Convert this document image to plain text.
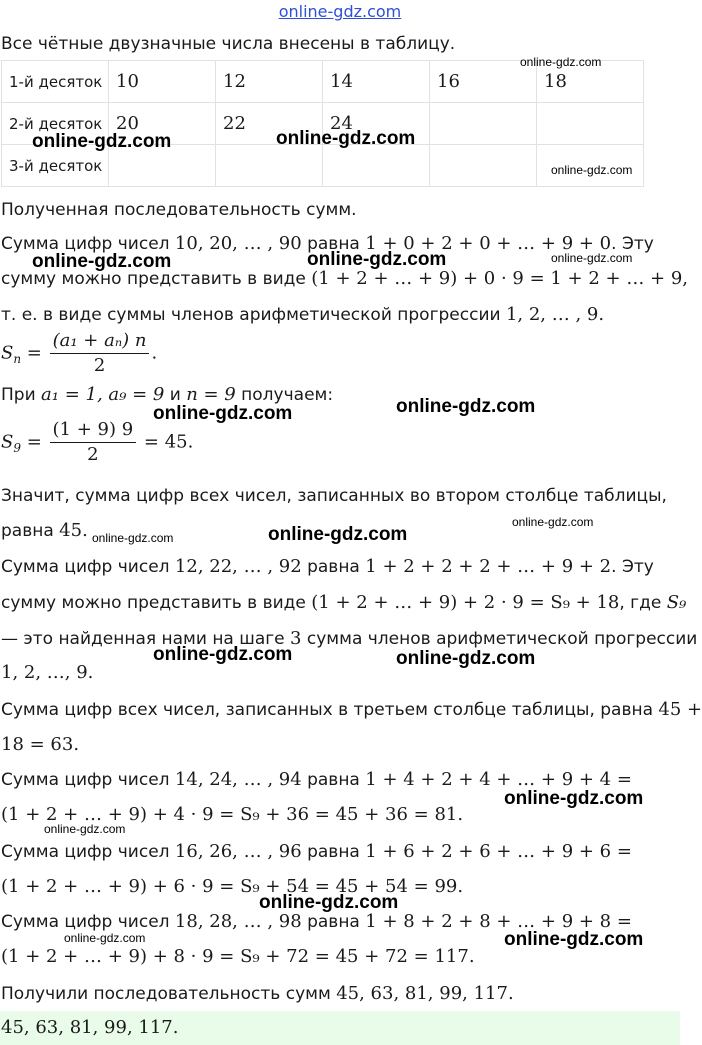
online-gdz.com
Все чётные двузначные числа внесены в таблицу.
1-й десяток	10	12	14	16	18
2-й десяток	20	22	24		
3-й десяток					
Полученная последовательность сумм.
Сумма цифр чисел 10, 20, … , 90 равна 1 + 0 + 2 + 0 + … + 9 + 0. Эту
сумму можно представить в виде (1 + 2 + … + 9) + 0 · 9 = 1 + 2 + … + 9,
т. е. в виде суммы членов арифметической прогрессии 1, 2, … , 9.
$S_n = \frac{\text{(a₁ + aₙ) n}}{2}$ .
При a₁ = 1, a₉ = 9 и n = 9 получаем:
$S_9 = \frac{(1 + 9) 9}{2} = 45$.
Значит, сумма цифр всех чисел, записанных во втором столбце таблицы,
равна 45.
Сумма цифр чисел 12, 22, … , 92 равна 1 + 2 + 2 + 2 + … + 9 + 2. Эту
сумму можно представить в виде (1 + 2 + … + 9) + 2 · 9 = S₉ + 18, где S₉
— это найденная нами на шаге 3 сумма членов арифметической прогрессии
1, 2, …, 9.
Сумма цифр всех чисел, записанных в третьем столбце таблицы, равна 45 +
18 = 63.
Сумма цифр чисел 14, 24, … , 94 равна 1 + 4 + 2 + 4 + … + 9 + 4 =
(1 + 2 + … + 9) + 4 · 9 = S₉ + 36 = 45 + 36 = 81.
Сумма цифр чисел 16, 26, … , 96 равна 1 + 6 + 2 + 6 + … + 9 + 6 =
(1 + 2 + … + 9) + 6 · 9 = S₉ + 54 = 45 + 54 = 99.
Сумма цифр чисел 18, 28, … , 98 равна 1 + 8 + 2 + 8 + … + 9 + 8 =
(1 + 2 + … + 9) + 8 · 9 = S₉ + 72 = 45 + 72 = 117.
Получили последовательность сумм 45, 63, 81, 99, 117.
45, 63, 81, 99, 117.
online-gdz.com
online-gdz.com	online-gdz.com
online-gdz.com
online-gdz.com	online-gdz.com	online-gdz.com
online-gdz.com	online-gdz.com
online-gdz.com	online-gdz.com
online-gdz.com
online-gdz.com	online-gdz.com
online-gdz.com
online-gdz.com
online-gdz.com
online-gdz.com	online-gdz.com
